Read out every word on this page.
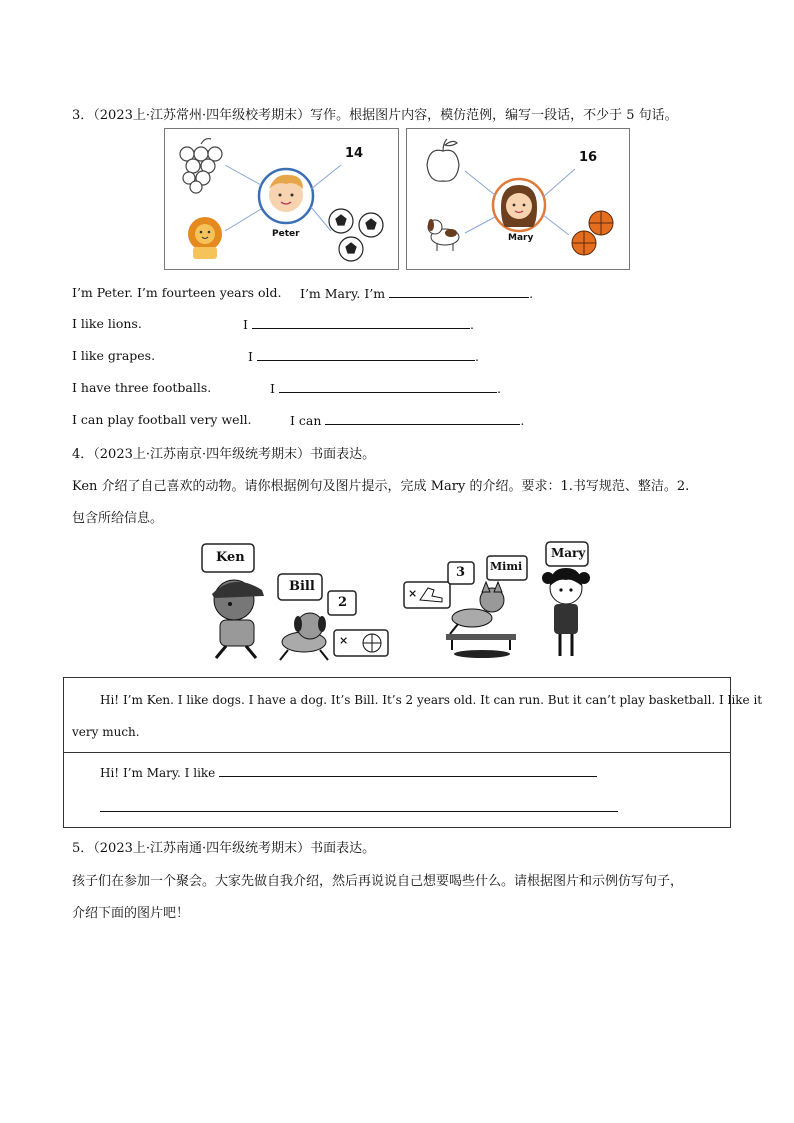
3．（2023上·江苏常州·四年级校考期末）写作。根据图片内容，模仿范例，编写一段话，不少于 5 句话。
Peter
14
Mary
16
I’m Peter. I’m fourteen years old. I’m Mary. I’m	.
I like lions.	I	.
I like grapes.	I	.
I have three footballs.	I	.
I can play football very well.	I can	.
4．（2023上·江苏南京·四年级统考期末）书面表达。
Ken 介绍了自己喜欢的动物。请你根据例句及图片提示，完成 Mary 的介绍。要求：1.书写规范、整洁。2.
包含所给信息。
Ken
Bill
2
×
×
3 Mimi
Mary
Hi! I’m Ken. I like dogs. I have a dog. It’s Bill. It’s 2 years old. It can run. But it can’t play basketball. I like it
very much.
Hi! I’m Mary. I like
5．（2023上·江苏南通·四年级统考期末）书面表达。
孩子们在参加一个聚会。大家先做自我介绍，然后再说说自己想要喝些什么。请根据图片和示例仿写句子，
介绍下面的图片吧！
